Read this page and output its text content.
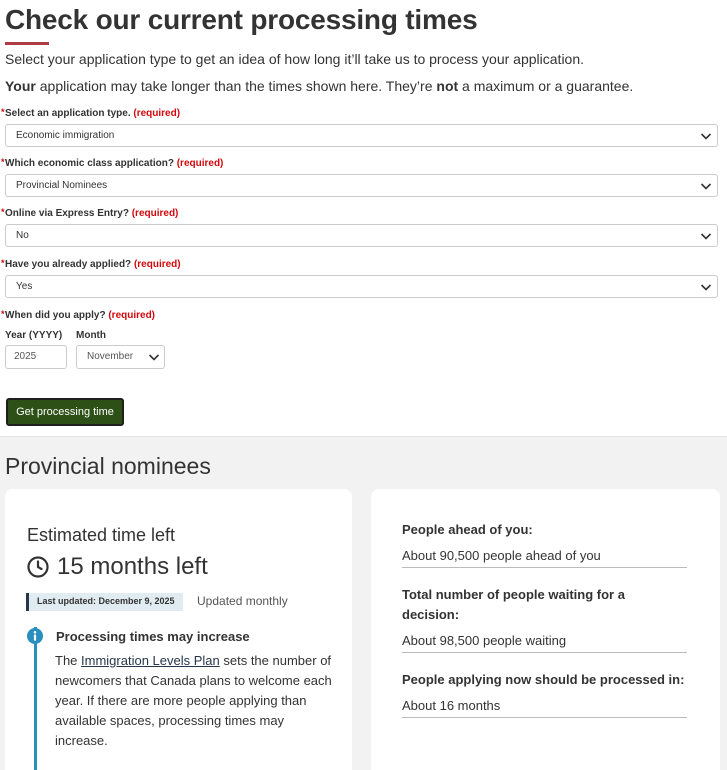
Check our current processing times

Select your application type to get an idea of how long it’ll take us to process your application.

Your application may take longer than the times shown here. They’re not a maximum or a guarantee.

* Select an application type. (required)
Economic immigration
* Which economic class application? (required)
Provincial Nominees
* Online via Express Entry? (required)
No
* Have you already applied? (required)
Yes
* When did you apply? (required)
Year (YYYY) Month
2025	November
Get processing time
Provincial nominees
Estimated time left
15 months left
Last updated: December 9, 2025	Updated monthly
Processing times may increase

The Immigration Levels Plan sets the number of newcomers that Canada plans to welcome each year. If there are more people applying than available spaces, processing times may increase.

People ahead of you:
About 90,500 people ahead of you
Total number of people waiting for a decision:
About 98,500 people waiting
People applying now should be processed in:
About 16 months
